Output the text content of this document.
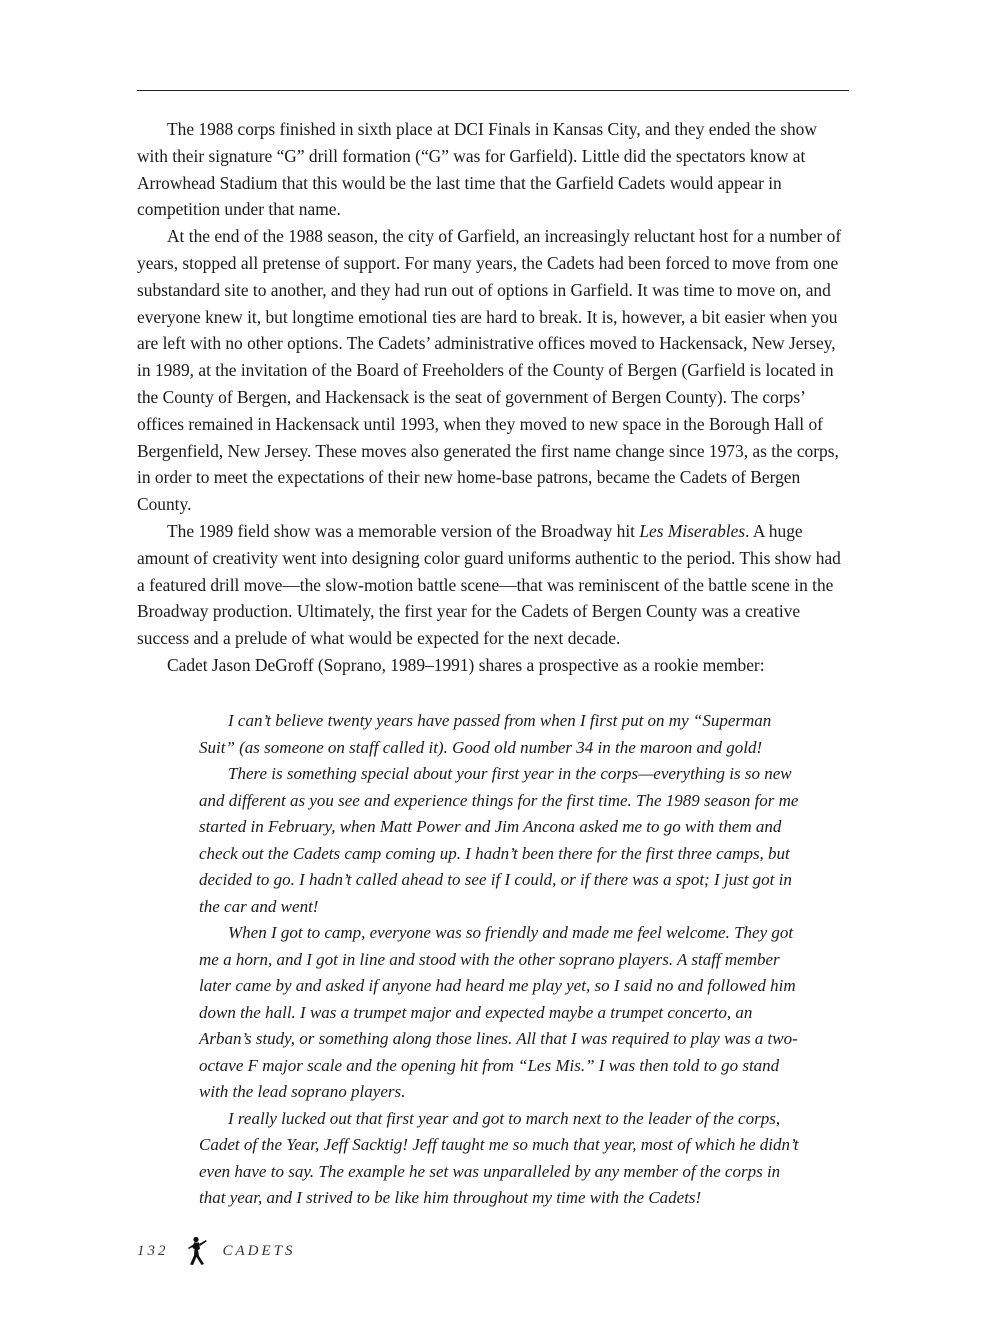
The 1988 corps finished in sixth place at DCI Finals in Kansas City, and they ended the show with their signature “G” drill formation (“G” was for Garfield). Little did the spectators know at Arrowhead Stadium that this would be the last time that the Garfield Cadets would appear in competition under that name.

At the end of the 1988 season, the city of Garfield, an increasingly reluctant host for a number of years, stopped all pretense of support. For many years, the Cadets had been forced to move from one substandard site to another, and they had run out of options in Garfield. It was time to move on, and everyone knew it, but longtime emotional ties are hard to break. It is, however, a bit easier when you are left with no other options. The Cadets’ administrative offices moved to Hackensack, New Jersey, in 1989, at the invitation of the Board of Freeholders of the County of Bergen (Garfield is located in the County of Bergen, and Hackensack is the seat of government of Bergen County). The corps’ offices remained in Hackensack until 1993, when they moved to new space in the Borough Hall of Bergenfield, New Jersey. These moves also generated the first name change since 1973, as the corps, in order to meet the expectations of their new home-base patrons, became the Cadets of Bergen County.

The 1989 field show was a memorable version of the Broadway hit Les Miserables. A huge amount of creativity went into designing color guard uniforms authentic to the period. This show had a featured drill move—the slow-motion battle scene—that was reminiscent of the battle scene in the Broadway production. Ultimately, the first year for the Cadets of Bergen County was a creative success and a prelude of what would be expected for the next decade.

Cadet Jason DeGroff (Soprano, 1989–1991) shares a prospective as a rookie member:

I can’t believe twenty years have passed from when I first put on my “Superman Suit” (as someone on staff called it). Good old number 34 in the maroon and gold!

There is something special about your first year in the corps—everything is so new and different as you see and experience things for the first time. The 1989 season for me started in February, when Matt Power and Jim Ancona asked me to go with them and check out the Cadets camp coming up. I hadn’t been there for the first three camps, but decided to go. I hadn’t called ahead to see if I could, or if there was a spot; I just got in the car and went!

When I got to camp, everyone was so friendly and made me feel welcome. They got me a horn, and I got in line and stood with the other soprano players. A staff member later came by and asked if anyone had heard me play yet, so I said no and followed him down the hall. I was a trumpet major and expected maybe a trumpet concerto, an Arban’s study, or something along those lines. All that I was required to play was a two-octave F major scale and the opening hit from “Les Mis.” I was then told to go stand with the lead soprano players.

I really lucked out that first year and got to march next to the leader of the corps, Cadet of the Year, Jeff Sacktig! Jeff taught me so much that year, most of which he didn’t even have to say. The example he set was unparalleled by any member of the corps in that year, and I strived to be like him throughout my time with the Cadets!

132	CADETS
